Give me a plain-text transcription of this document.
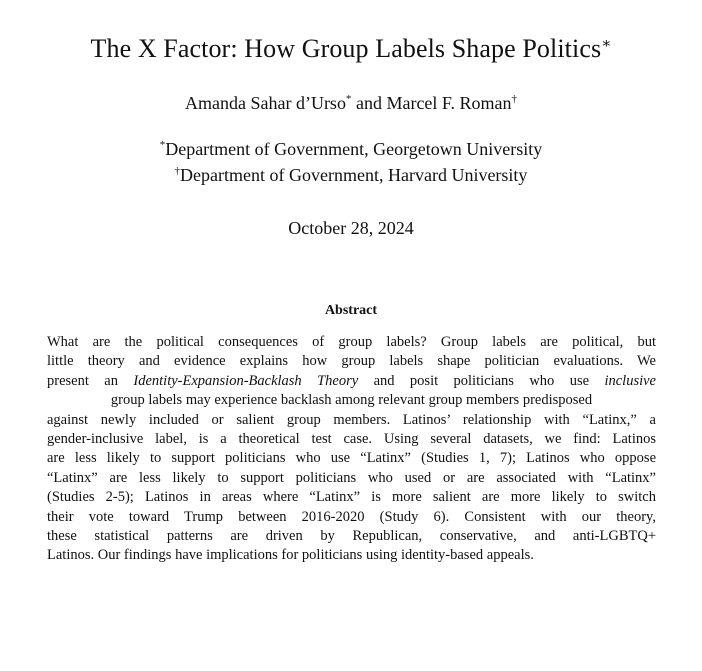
The X Factor: How Group Labels Shape Politics∗
Amanda Sahar d’Urso* and Marcel F. Roman†
*Department of Government, Georgetown University
†Department of Government, Harvard University
October 28, 2024
Abstract
What are the political consequences of group labels? Group labels are political, but
little theory and evidence explains how group labels shape politician evaluations. We
present an Identity-Expansion-Backlash Theory and posit politicians who use inclusive
group labels may experience backlash among relevant group members predisposed
against newly included or salient group members. Latinos’ relationship with “Latinx,” a
gender-inclusive label, is a theoretical test case. Using several datasets, we find: Latinos
are less likely to support politicians who use “Latinx” (Studies 1, 7); Latinos who oppose
“Latinx” are less likely to support politicians who used or are associated with “Latinx”
(Studies 2-5); Latinos in areas where “Latinx” is more salient are more likely to switch
their vote toward Trump between 2016-2020 (Study 6). Consistent with our theory,
these statistical patterns are driven by Republican, conservative, and anti-LGBTQ+
Latinos. Our findings have implications for politicians using identity-based appeals.
